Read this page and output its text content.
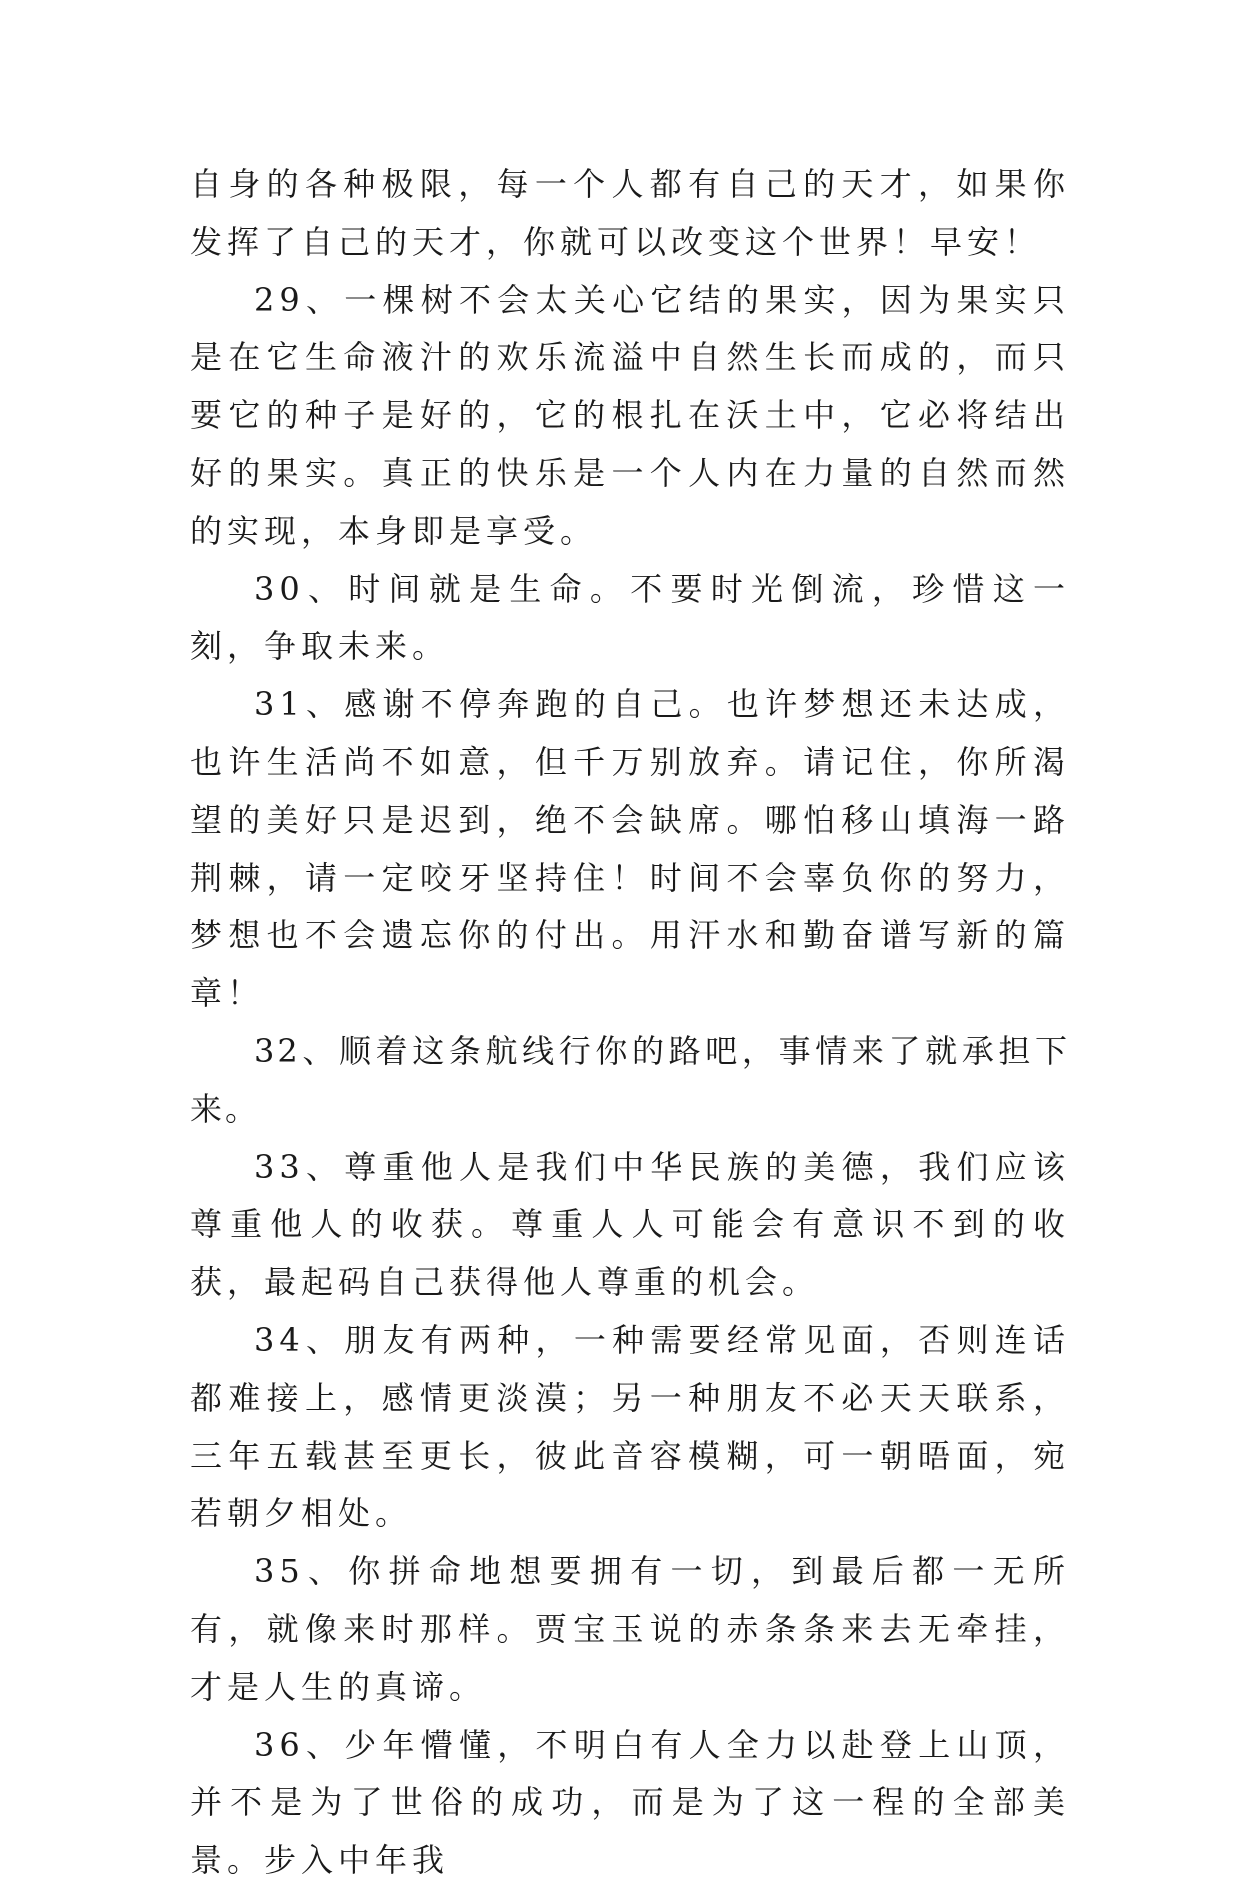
自身的各种极限，每一个人都有自己的天才，如果你发挥了自己的天才，你就可以改变这个世界！早安！

29、一棵树不会太关心它结的果实，因为果实只是在它生命液汁的欢乐流溢中自然生长而成的，而只要它的种子是好的，它的根扎在沃土中，它必将结出好的果实。真正的快乐是一个人内在力量的自然而然的实现，本身即是享受。

30、时间就是生命。不要时光倒流，珍惜这一刻，争取未来。

31、感谢不停奔跑的自己。也许梦想还未达成，也许生活尚不如意，但千万别放弃。请记住，你所渴望的美好只是迟到，绝不会缺席。哪怕移山填海一路荆棘，请一定咬牙坚持住！时间不会辜负你的努力，梦想也不会遗忘你的付出。用汗水和勤奋谱写新的篇章！

32、顺着这条航线行你的路吧，事情来了就承担下来。

33、尊重他人是我们中华民族的美德，我们应该尊重他人的收获。尊重人人可能会有意识不到的收获，最起码自己获得他人尊重的机会。

34、朋友有两种，一种需要经常见面，否则连话都难接上，感情更淡漠；另一种朋友不必天天联系，三年五载甚至更长，彼此音容模糊，可一朝晤面，宛若朝夕相处。

35、你拼命地想要拥有一切，到最后都一无所有，就像来时那样。贾宝玉说的赤条条来去无牵挂，才是人生的真谛。

36、少年懵懂，不明白有人全力以赴登上山顶，并不是为了世俗的成功，而是为了这一程的全部美景。步入中年我
